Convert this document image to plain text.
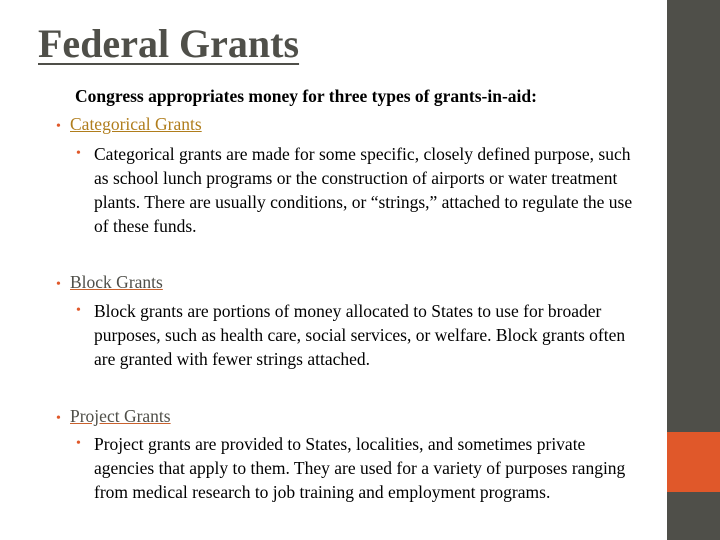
Federal Grants

Congress appropriates money for three types of grants-in-aid:

• Categorical Grants

• Categorical grants are made for some specific, closely defined purpose, such as school lunch programs or the construction of airports or water treatment plants. There are usually conditions, or “strings,” attached to regulate the use of these funds.

• Block Grants

• Block grants are portions of money allocated to States to use for broader purposes, such as health care, social services, or welfare. Block grants often are granted with fewer strings attached.

• Project Grants

• Project grants are provided to States, localities, and sometimes private agencies that apply to them. They are used for a variety of purposes ranging from medical research to job training and employment programs.
